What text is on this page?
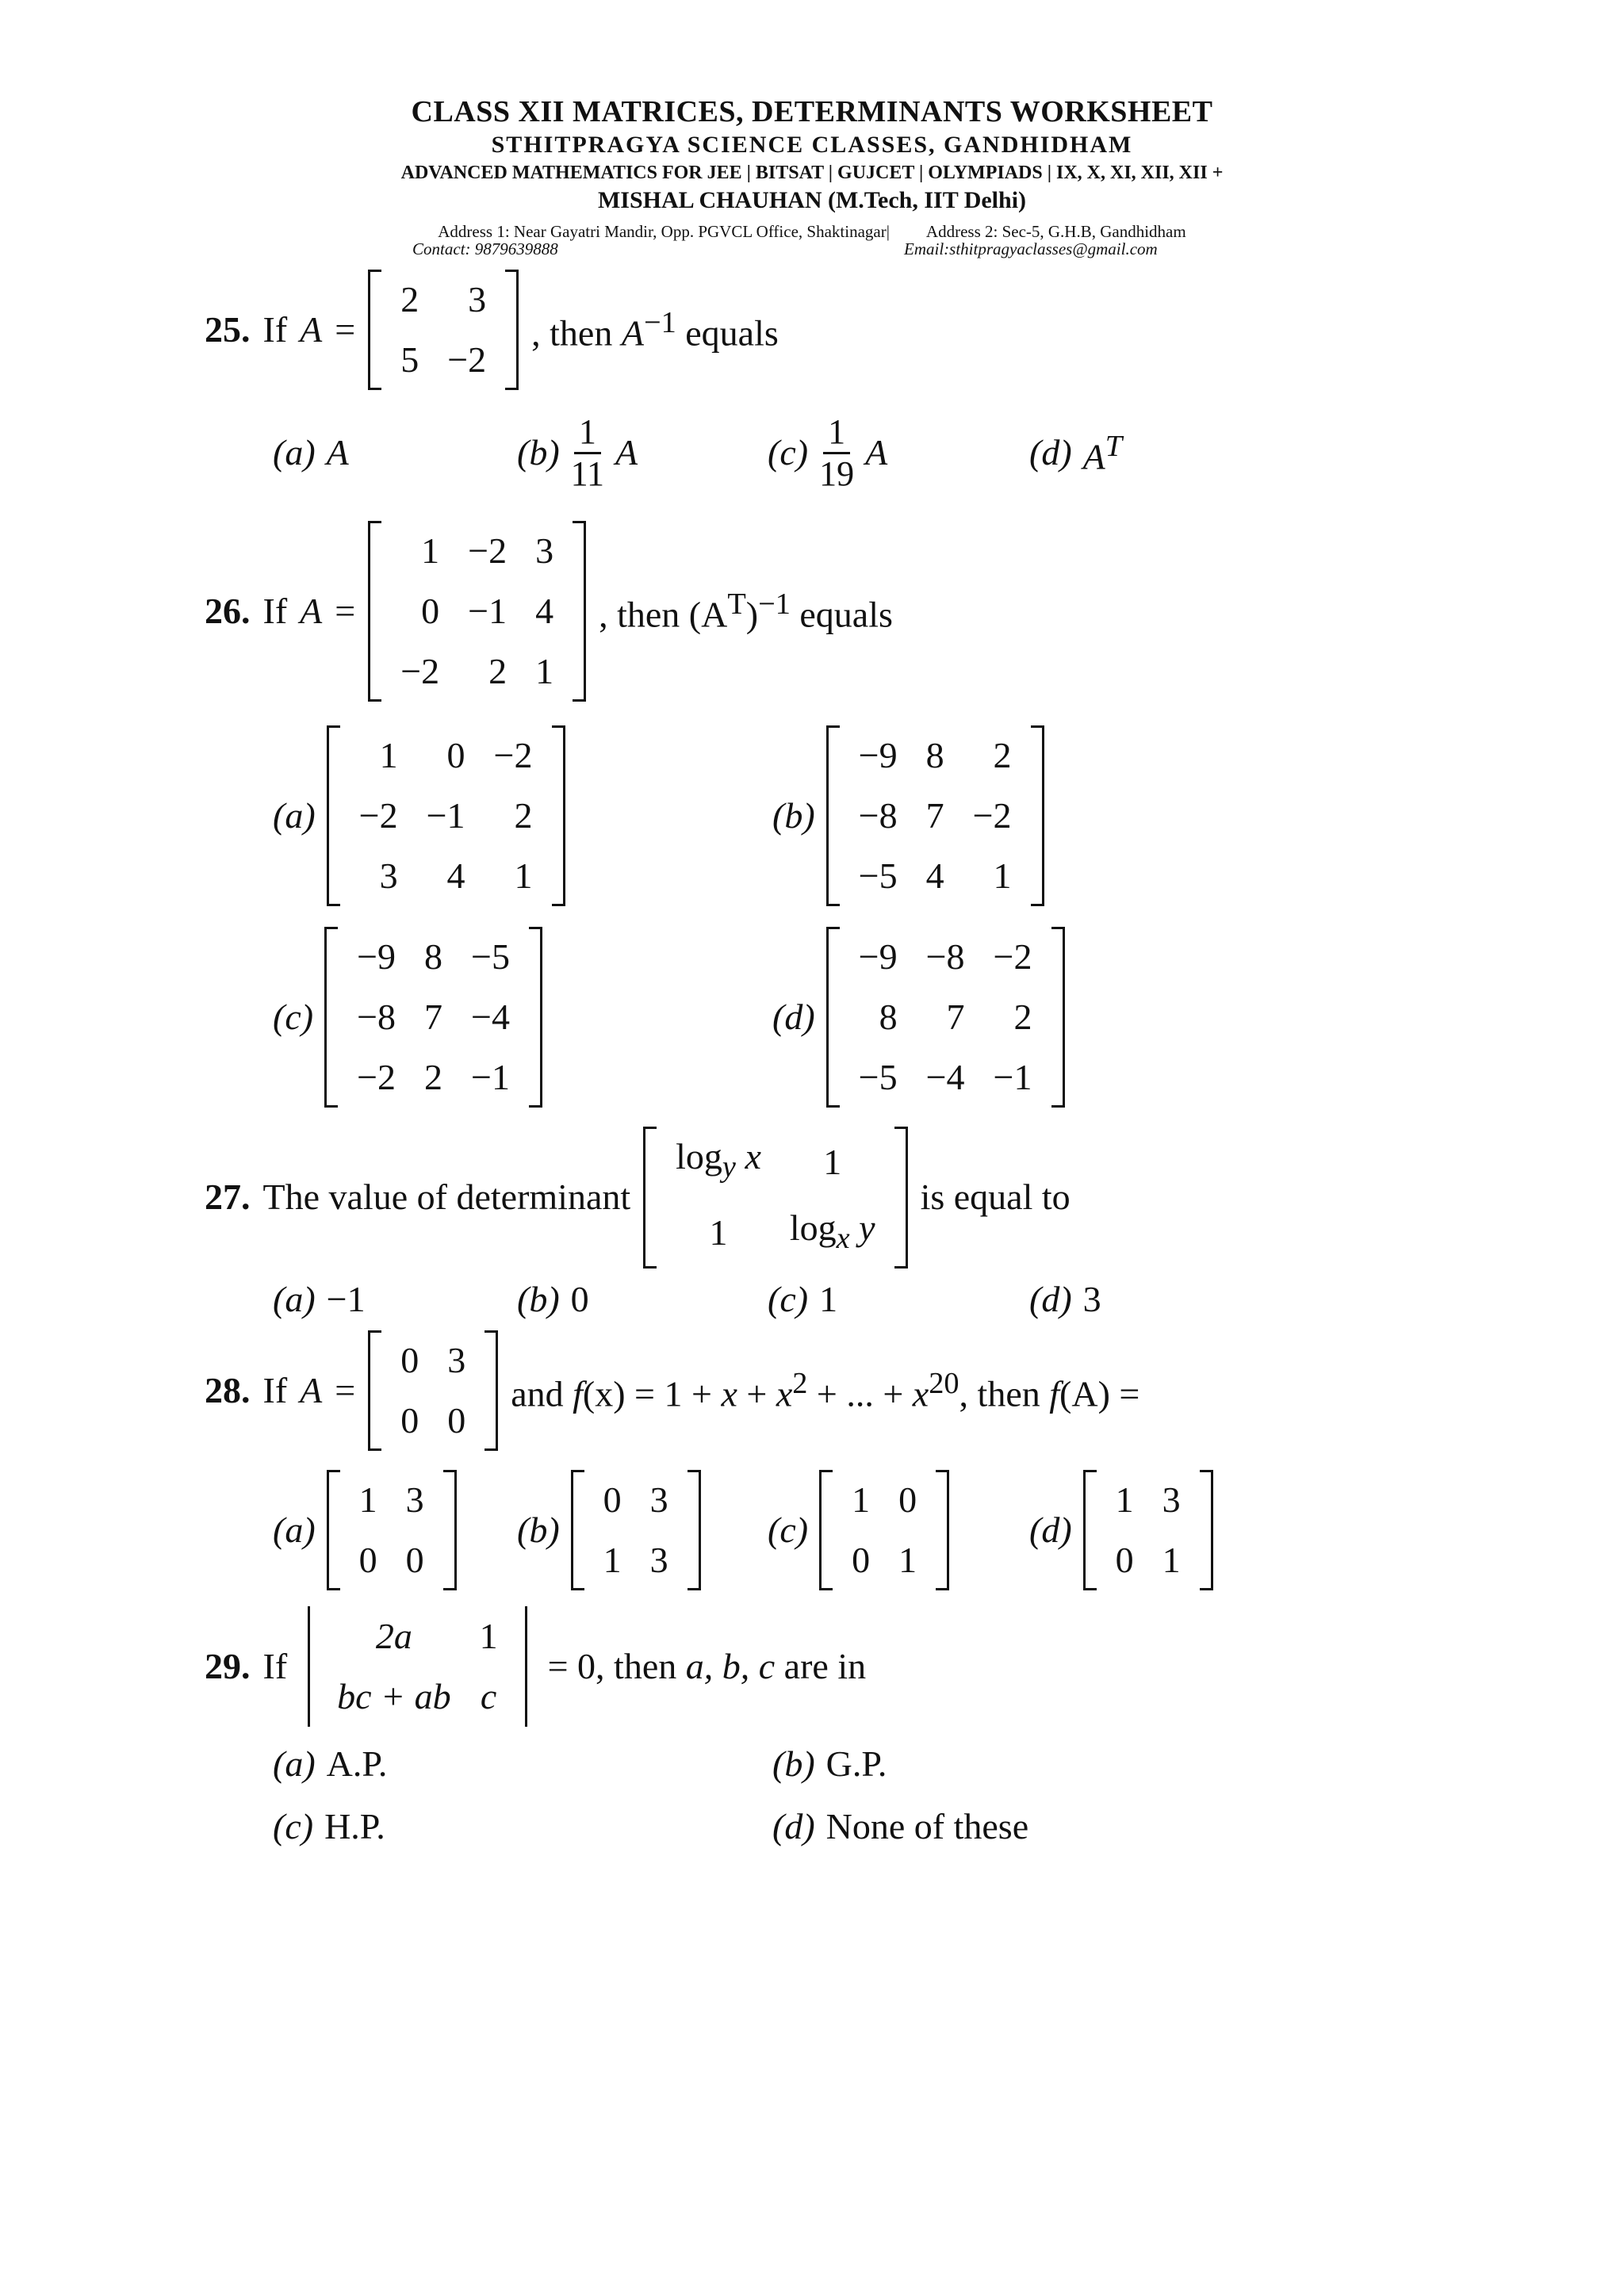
CLASS XII MATRICES, DETERMINANTS WORKSHEET
STHITPRAGYA SCIENCE CLASSES, GANDHIDHAM
ADVANCED MATHEMATICS FOR JEE | BITSAT | GUJCET | OLYMPIADS | IX, X, XI, XII, XII +
MISHAL CHAUHAN (M.Tech, IIT Delhi)
Address 1: Near Gayatri Mandir, Opp. PGVCL Office, Shaktinagar| Address 2: Sec-5, G.H.B, Gandhidham
Contact: 9879639888	Email:sthitpragyaclasses@gmail.com
25. If A =
2	3
5	−2
, then $A^{-1}$ equals
(a) A	$(b) \frac{1}{11}$ A	$(c) \frac{1}{19}$ A	(d) $A^T$
26. If A =
1	−2	3
0	−1	4
−2	2	1
, then $(A^T)^{-1}$ equals
(a)
1	0	−2
−2	−1	2
3	4	1
(b)
−9	8	2
−8	7	−2
−5	4	1
(c)
−9	8	−5
−8	7	−4
−2	2	−1
(d)
−9	−8	−2
8	7	2
−5	−4	−1
27. The value of determinant
$\log_y x$	1
1	$\log_x y$
is equal to
(a) −1	(b) 0	(c) 1	(d) 3
28. If A =
0	3
0	0
and $f(x) = 1 + x + x^2$ + ... + $x^{20}$, then f(A) =
(a)
1	3
0	0
(b)
0	3
1	3
(c)
1	0
0	1
(d)
1	3
0	1
29. If
2a	1
bc + ab	c
= 0, then a, b, c are in
(a) A.P.	(b) G.P.
(c) H.P.	(d) None of these
